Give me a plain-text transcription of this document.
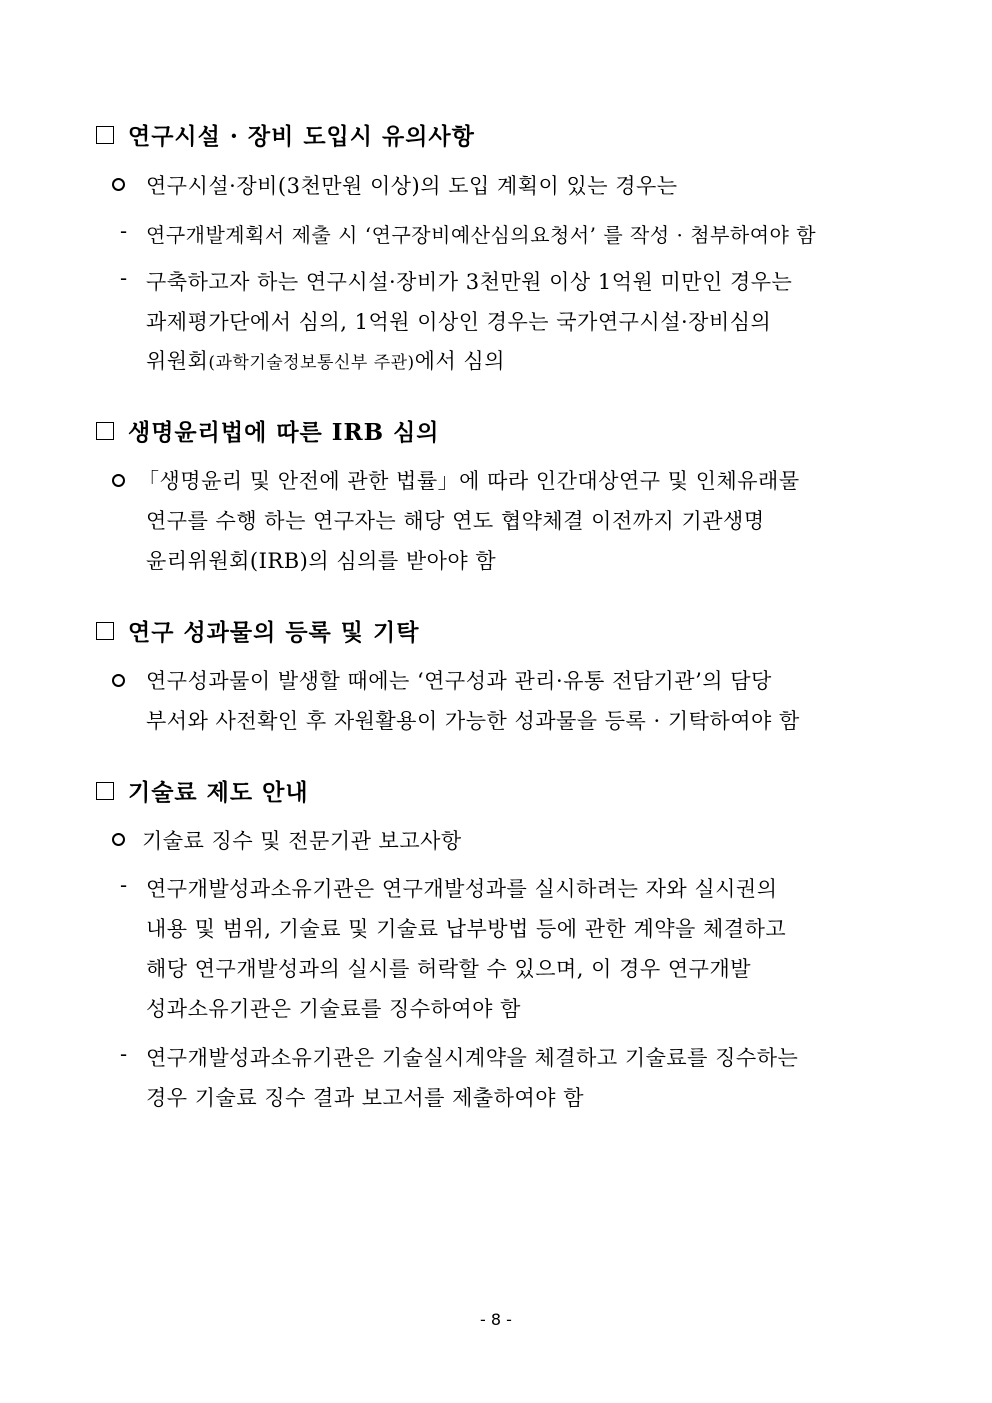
연구시설 · 장비 도입시 유의사항
연구시설·장비(3천만원 이상)의 도입 계획이 있는 경우는
- 연구개발계획서 제출 시 ‘연구장비예산심의요청서’ 를 작성 · 첨부하여야 함
- 구축하고자 하는 연구시설·장비가 3천만원 이상 1억원 미만인 경우는
과제평가단에서 심의, 1억원 이상인 경우는 국가연구시설·장비심의
위원회(과학기술정보통신부 주관)에서 심의
생명윤리법에 따른 IRB 심의
「생명윤리 및 안전에 관한 법률」에 따라 인간대상연구 및 인체유래물
연구를 수행 하는 연구자는 해당 연도 협약체결 이전까지 기관생명
윤리위원회(IRB)의 심의를 받아야 함
연구 성과물의 등록 및 기탁
연구성과물이 발생할 때에는 ‘연구성과 관리·유통 전담기관’의 담당
부서와 사전확인 후 자원활용이 가능한 성과물을 등록 · 기탁하여야 함
기술료 제도 안내
기술료 징수 및 전문기관 보고사항
- 연구개발성과소유기관은 연구개발성과를 실시하려는 자와 실시권의
내용 및 범위, 기술료 및 기술료 납부방법 등에 관한 계약을 체결하고
해당 연구개발성과의 실시를 허락할 수 있으며, 이 경우 연구개발
성과소유기관은 기술료를 징수하여야 함
- 연구개발성과소유기관은 기술실시계약을 체결하고 기술료를 징수하는
경우 기술료 징수 결과 보고서를 제출하여야 함
- 8 -
